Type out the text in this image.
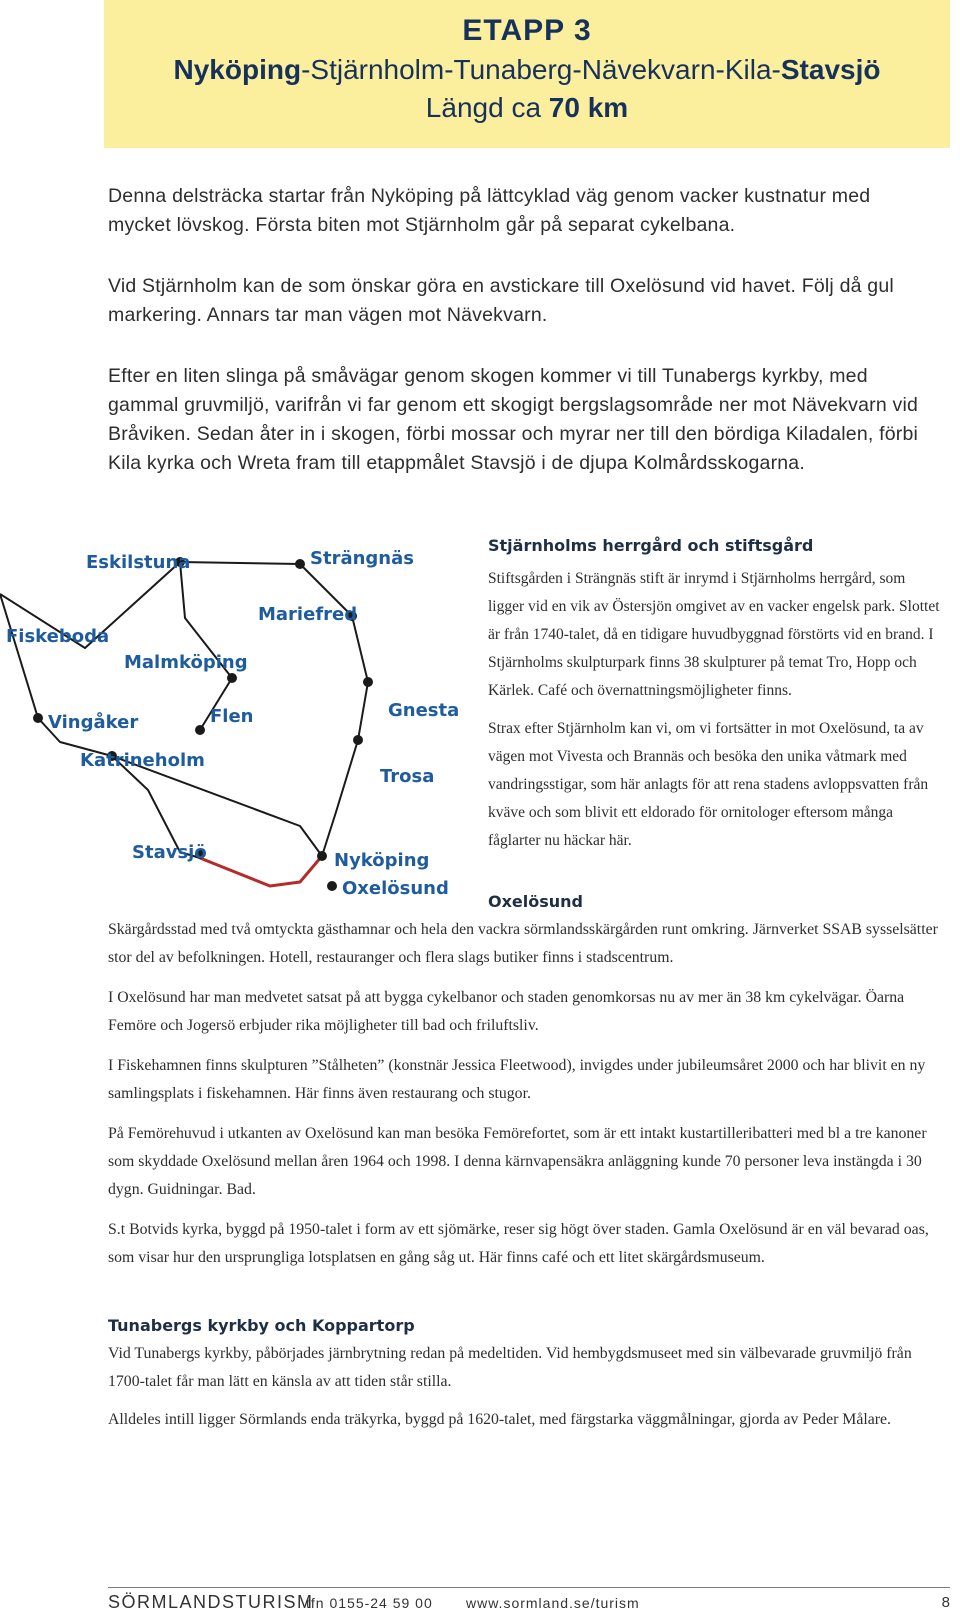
ETAPP 3
Nyköping-Stjärnholm-Tunaberg-Nävekvarn-Kila-Stavsjö
Längd ca 70 km

Denna delsträcka startar från Nyköping på lättcyklad väg genom vacker kustnatur med mycket lövskog. Första biten mot Stjärnholm går på separat cykelbana.

Vid Stjärnholm kan de som önskar göra en avstickare till Oxelösund vid havet. Följ då gul markering. Annars tar man vägen mot Nävekvarn.

Efter en liten slinga på småvägar genom skogen kommer vi till Tunabergs kyrkby, med gammal gruvmiljö, varifrån vi far genom ett skogigt bergslagsområde ner mot Nävekvarn vid Bråviken. Sedan åter in i skogen, förbi mossar och myrar ner till den bördiga Kiladalen, förbi Kila kyrka och Wreta fram till etappmålet Stavsjö i de djupa Kolmårdsskogarna.

Eskilstuna	Strängnäs
Mariefred
Fiskeboda
Malmköping
Gnesta
Vingåker	Flen
Katrineholm
Trosa
Stavsjö	Nyköping
Oxelösund
Stjärnholms herrgård och stiftsgård

Stiftsgården i Strängnäs stift är inrymd i Stjärnholms herrgård, som ligger vid en vik av Östersjön omgivet av en vacker engelsk park. Slottet är från 1740-talet, då en tidigare huvudbyggnad förstörts vid en brand. I Stjärnholms skulpturpark finns 38 skulpturer på temat Tro, Hopp och Kärlek. Café och övernattningsmöjligheter finns.

Strax efter Stjärnholm kan vi, om vi fortsätter in mot Oxelösund, ta av vägen mot Vivesta och Brannäs och besöka den unika våtmark med vandringsstigar, som här anlagts för att rena stadens avloppsvatten från kväve och som blivit ett eldorado för ornitologer eftersom många fåglarter nu häckar här.

Oxelösund

Skärgårdsstad med två omtyckta gästhamnar och hela den vackra sörmlandsskärgården runt omkring. Järnverket SSAB sysselsätter stor del av befolkningen. Hotell, restauranger och flera slags butiker finns i stadscentrum.

I Oxelösund har man medvetet satsat på att bygga cykelbanor och staden genomkorsas nu av mer än 38 km cykelvägar. Öarna Femöre och Jogersö erbjuder rika möjligheter till bad och friluftsliv.

I Fiskehamnen finns skulpturen ”Stålheten” (konstnär Jessica Fleetwood), invigdes under jubileumsåret 2000 och har blivit en ny samlingsplats i fiskehamnen. Här finns även restaurang och stugor.

På Femörehuvud i utkanten av Oxelösund kan man besöka Femörefortet, som är ett intakt kustartilleribatteri med bl a tre kanoner som skyddade Oxelösund mellan åren 1964 och 1998. I denna kärnvapensäkra anläggning kunde 70 personer leva instängda i 30 dygn. Guidningar. Bad.

S.t Botvids kyrka, byggd på 1950-talet i form av ett sjömärke, reser sig högt över staden. Gamla Oxelösund är en väl bevarad oas, som visar hur den ursprungliga lotsplatsen en gång såg ut. Här finns café och ett litet skärgårdsmuseum.

Tunabergs kyrkby och Koppartorp

Vid Tunabergs kyrkby, påbörjades järnbrytning redan på medeltiden. Vid hembygdsmuseet med sin välbevarade gruvmiljö från 1700-talet får man lätt en känsla av att tiden står stilla.

Alldeles intill ligger Sörmlands enda träkyrka, byggd på 1620-talet, med färgstarka väggmålningar, gjorda av Peder Målare.

SÖRMLANDSTURISM
tfn 0155-24 59 00 www.sormland.se/turism	8
